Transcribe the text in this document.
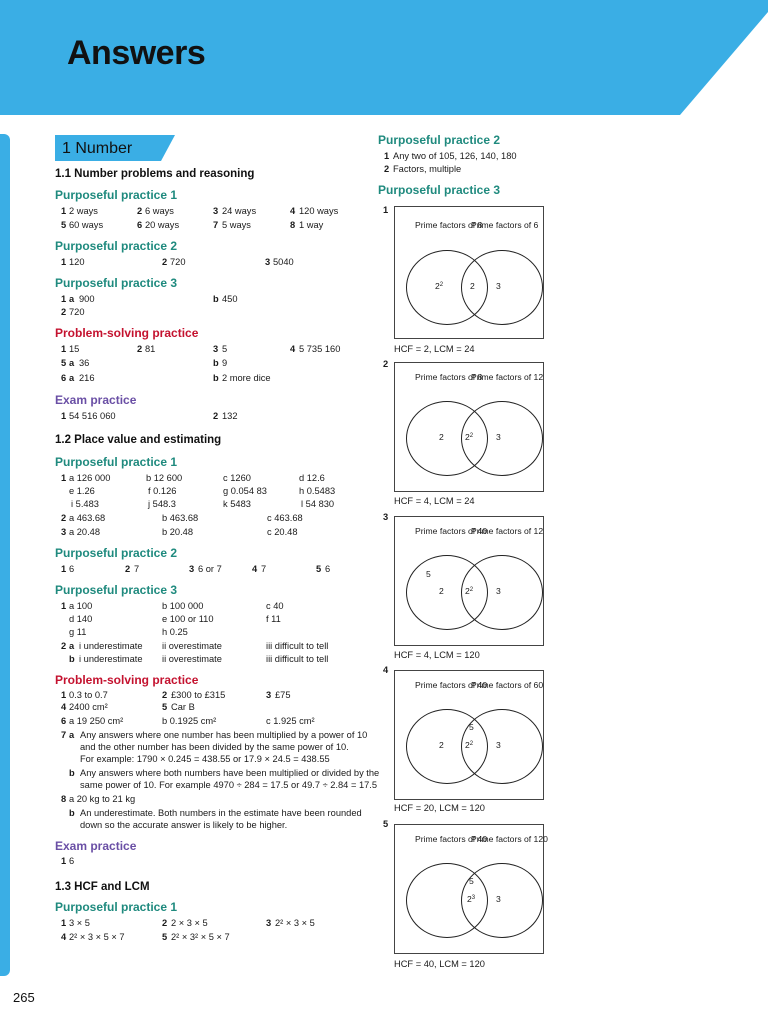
Answers
265
1 Number
1.1 Number problems and reasoning
Purposeful practice 1
1 2 ways	2 6 ways	3 24 ways	4 120 ways
5 60 ways	6 20 ways	7 5 ways	8 1 way
Purposeful practice 2
1 120	2 720	3 5040
Purposeful practice 3
1 a 900	b 450
2 720
Problem-solving practice
1 15	2 81	3 5	4 5 735 160
5 a 36	b 9
6 a 216	b 2 more dice
Exam practice
1 54 516 060	2 132
1.2 Place value and estimating
Purposeful practice 1
1 a 126 000	b 12 600	c 1260	d 12.6
e 1.26	f 0.126	g 0.054 83	h 0.5483
i 5.483	j 548.3	k 5483	l 54 830
2 a 463.68	b 463.68	c 463.68
3 a 20.48	b 20.48	c 20.48
Purposeful practice 2
1 6	2 7	3 6 or 7	4 7	5 6
Purposeful practice 3
1 a 100	b 100 000	c 40
d 140	e 100 or 110	f 11
g 11	h 0.25
2 a i underestimate ii overestimate	iii difficult to tell
b i underestimate ii overestimate	iii difficult to tell
Problem-solving practice
1 0.3 to 0.7	2 £300 to £315	3 £75
4 2400 cm²	5 Car B
6 a 19 250 cm²	b 0.1925 cm²	c 1.925 cm²
7 a Any answers where one number has been multiplied by a power of 10
and the other number has been divided by the same power of 10.
For example: 1790 × 0.245 = 438.55 or 17.9 × 24.5 = 438.55
b Any answers where both numbers have been multiplied or divided by the
same power of 10. For example 4970 ÷ 284 = 17.5 or 49.7 ÷ 2.84 = 17.5
8 a 20 kg to 21 kg
b An underestimate. Both numbers in the estimate have been rounded
down so the accurate answer is likely to be higher.
Exam practice
1 6
1.3 HCF and LCM
Purposeful practice 1
1 3 × 5	2 2 × 3 × 5	3 2² × 3 × 5
4 2² × 3 × 5 × 7	5 2² × 3² × 5 × 7
Purposeful practice 2
1 Any two of 105, 126, 140, 180
2 Factors, multiple
Purposeful practice 3
1
Prime factors of 8
Prime factors of 6
$2^2$	2 3
HCF = 2, LCM = 24
2
Prime factors of 8
Prime factors of 12
2 $2^2$	3
HCF = 4, LCM = 24
3
Prime factors of 40
Prime factors of 12
5
2 $2^2$	3
HCF = 4, LCM = 120
4
Prime factors of 40
Prime factors of 60
5
2 $2^2$	3
HCF = 20, LCM = 120
5
Prime factors of 40
Prime factors of 120
5
$2^3$ 3
HCF = 40, LCM = 120
